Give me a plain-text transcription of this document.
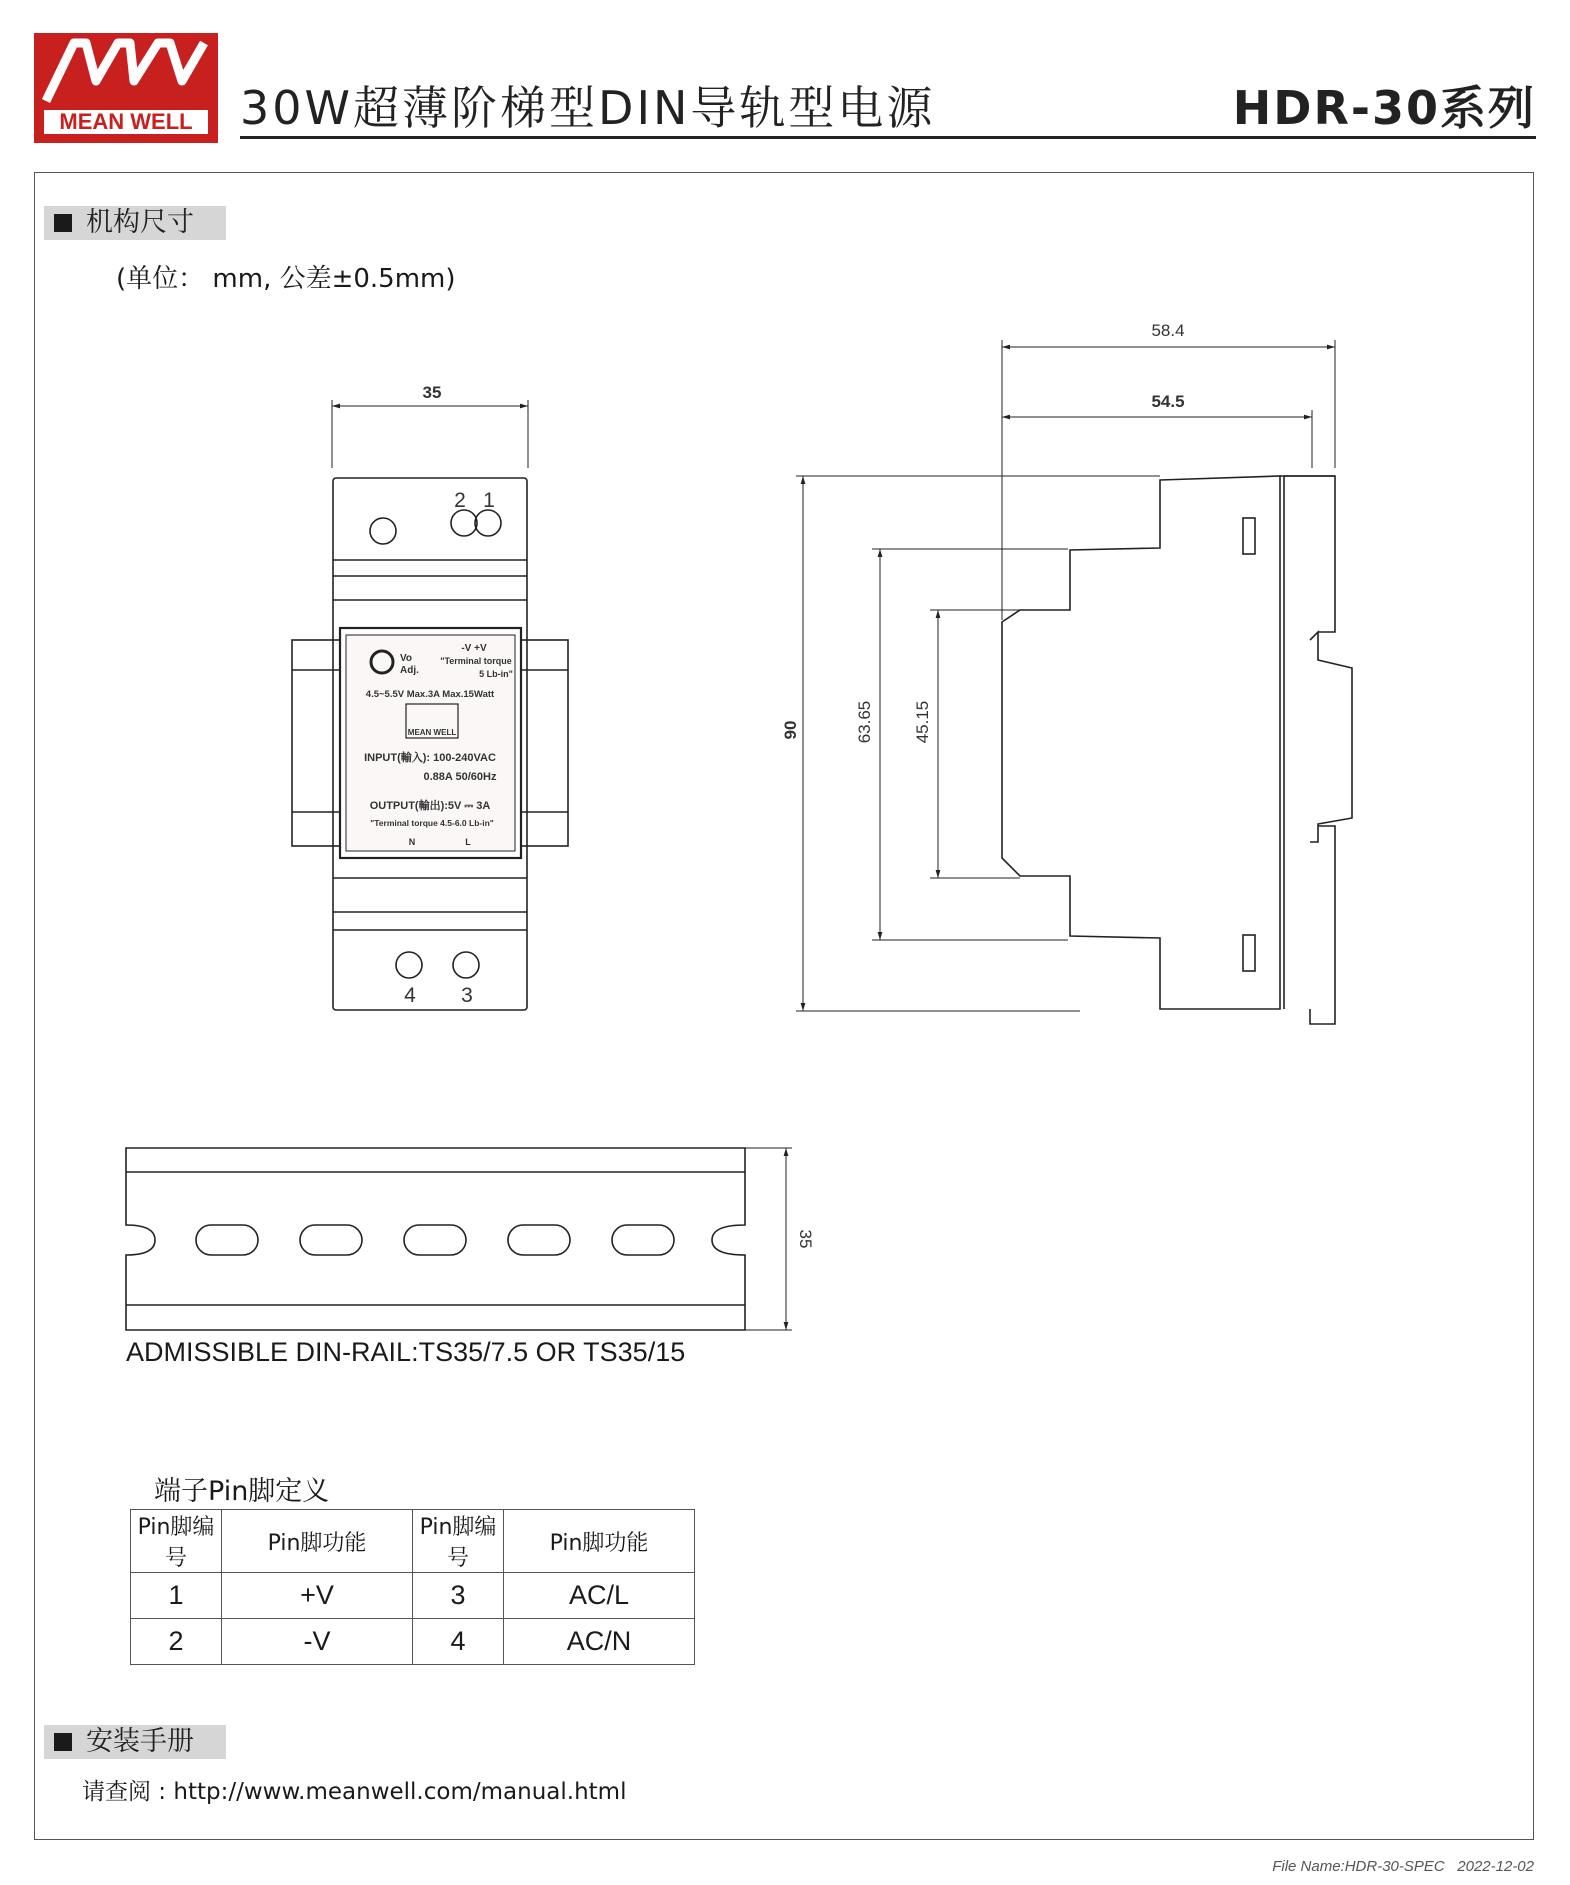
MEAN WELL	30W超薄阶梯型DIN导轨型电源	HDR-30系列
机构尺寸
(单位： mm, 公差±0.5mm)
35
2 1
4 3
Vo
Adj.
-V +V
"Terminal torque
5 Lb-in"
4.5~5.5V Max.3A Max.15Watt
MEAN WELL
INPUT(輸入): 100-240VAC
0.88A 50/60Hz
OUTPUT(輸出):5V ⎓ 3A
"Terminal torque 4.5-6.0 Lb-in"
N	L
58.4
54.5
90	63.65 45.15
35
ADMISSIBLE DIN-RAIL:TS35/7.5 OR TS35/15
端子Pin脚定义
Pin脚编号	Pin脚功能	Pin脚编号	Pin脚功能
1	+V	3	AC/L
2	-V	4	AC/N
安装手册
请查阅 : http://www.meanwell.com/manual.html
File Name:HDR-30-SPEC 2022-12-02
